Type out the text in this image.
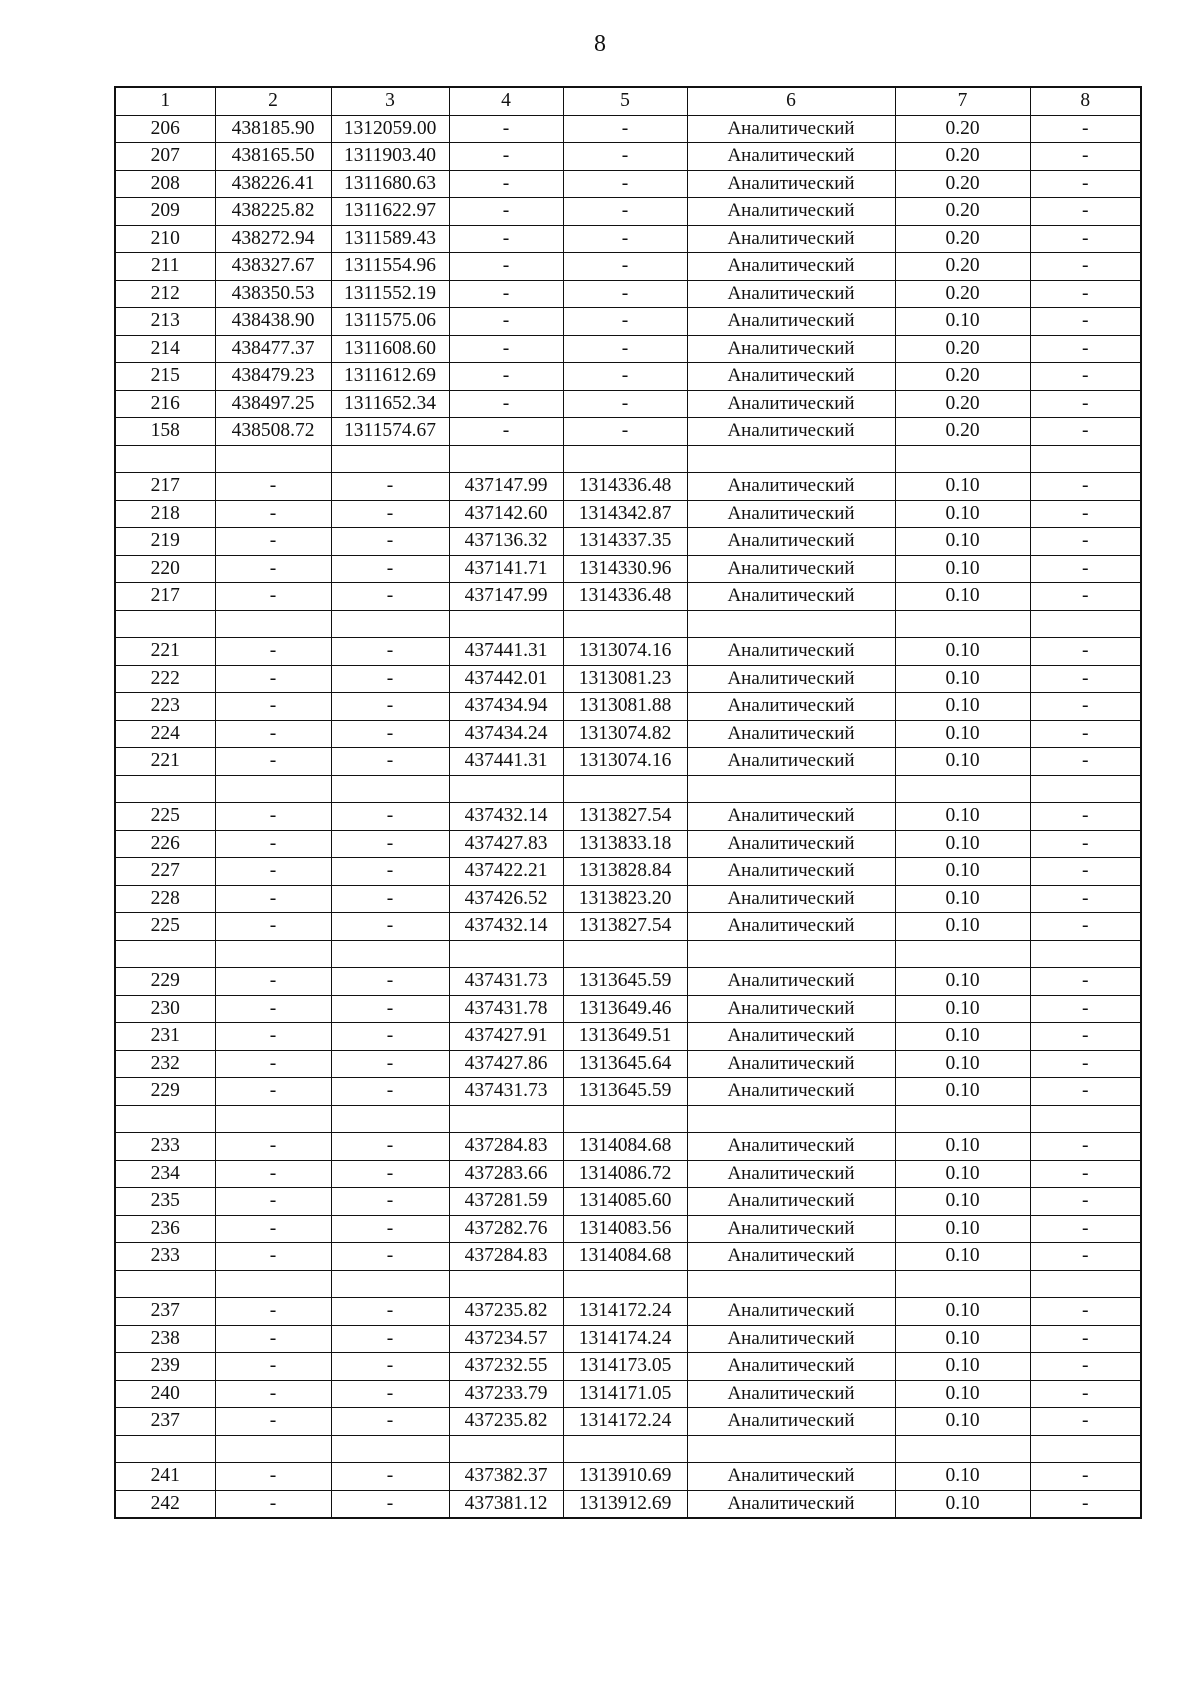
8
1	2	3	4	5	6	7	8
206	438185.90	1312059.00	-	-	Аналитический	0.20	-
207	438165.50	1311903.40	-	-	Аналитический	0.20	-
208	438226.41	1311680.63	-	-	Аналитический	0.20	-
209	438225.82	1311622.97	-	-	Аналитический	0.20	-
210	438272.94	1311589.43	-	-	Аналитический	0.20	-
211	438327.67	1311554.96	-	-	Аналитический	0.20	-
212	438350.53	1311552.19	-	-	Аналитический	0.20	-
213	438438.90	1311575.06	-	-	Аналитический	0.10	-
214	438477.37	1311608.60	-	-	Аналитический	0.20	-
215	438479.23	1311612.69	-	-	Аналитический	0.20	-
216	438497.25	1311652.34	-	-	Аналитический	0.20	-
158	438508.72	1311574.67	-	-	Аналитический	0.20	-

217	-	-	437147.99	1314336.48	Аналитический	0.10	-
218	-	-	437142.60	1314342.87	Аналитический	0.10	-
219	-	-	437136.32	1314337.35	Аналитический	0.10	-
220	-	-	437141.71	1314330.96	Аналитический	0.10	-
217	-	-	437147.99	1314336.48	Аналитический	0.10	-

221	-	-	437441.31	1313074.16	Аналитический	0.10	-
222	-	-	437442.01	1313081.23	Аналитический	0.10	-
223	-	-	437434.94	1313081.88	Аналитический	0.10	-
224	-	-	437434.24	1313074.82	Аналитический	0.10	-
221	-	-	437441.31	1313074.16	Аналитический	0.10	-

225	-	-	437432.14	1313827.54	Аналитический	0.10	-
226	-	-	437427.83	1313833.18	Аналитический	0.10	-
227	-	-	437422.21	1313828.84	Аналитический	0.10	-
228	-	-	437426.52	1313823.20	Аналитический	0.10	-
225	-	-	437432.14	1313827.54	Аналитический	0.10	-

229	-	-	437431.73	1313645.59	Аналитический	0.10	-
230	-	-	437431.78	1313649.46	Аналитический	0.10	-
231	-	-	437427.91	1313649.51	Аналитический	0.10	-
232	-	-	437427.86	1313645.64	Аналитический	0.10	-
229	-	-	437431.73	1313645.59	Аналитический	0.10	-

233	-	-	437284.83	1314084.68	Аналитический	0.10	-
234	-	-	437283.66	1314086.72	Аналитический	0.10	-
235	-	-	437281.59	1314085.60	Аналитический	0.10	-
236	-	-	437282.76	1314083.56	Аналитический	0.10	-
233	-	-	437284.83	1314084.68	Аналитический	0.10	-

237	-	-	437235.82	1314172.24	Аналитический	0.10	-
238	-	-	437234.57	1314174.24	Аналитический	0.10	-
239	-	-	437232.55	1314173.05	Аналитический	0.10	-
240	-	-	437233.79	1314171.05	Аналитический	0.10	-
237	-	-	437235.82	1314172.24	Аналитический	0.10	-

241	-	-	437382.37	1313910.69	Аналитический	0.10	-
242	-	-	437381.12	1313912.69	Аналитический	0.10	-
